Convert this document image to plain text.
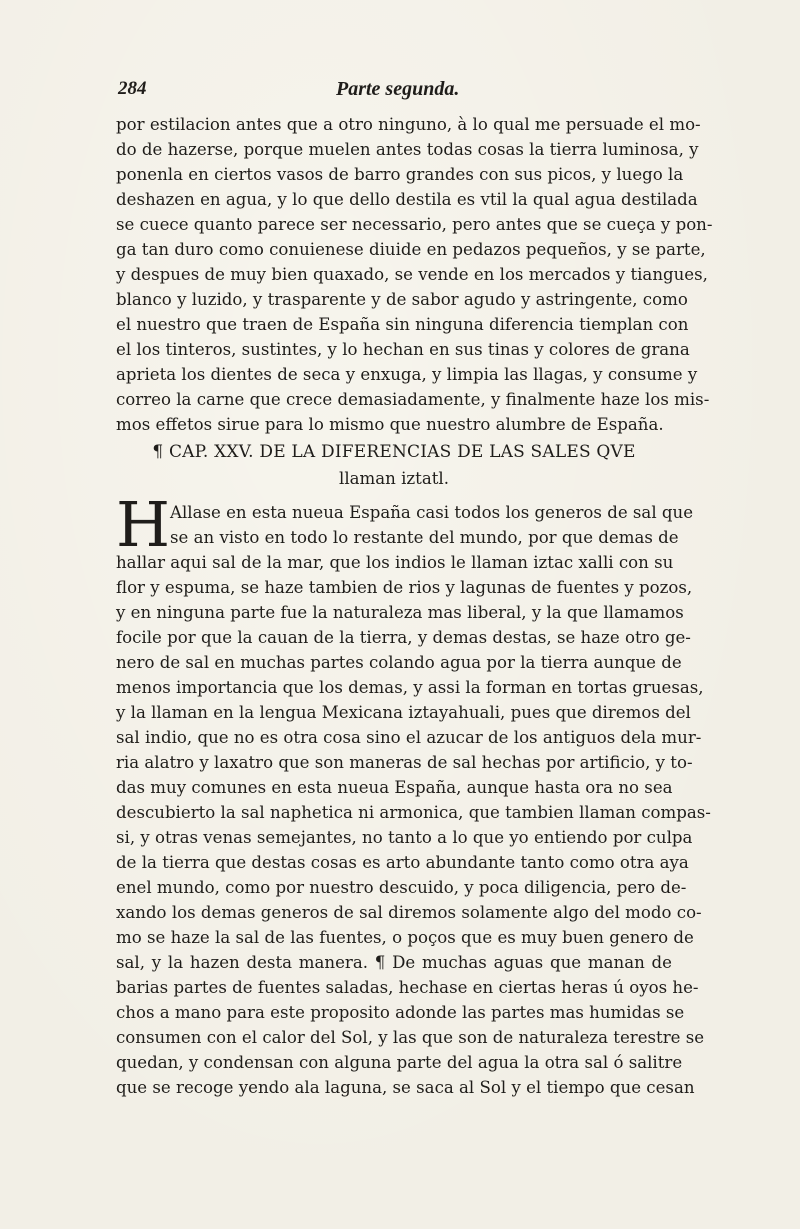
284	Parte segunda.
por estilacion antes que a otro ninguno, à lo qual me persuade el mo-
do de hazerse, porque muelen antes todas cosas la tierra luminosa, y
ponenla en ciertos vasos de barro grandes con sus picos, y luego la
deshazen en agua, y lo que dello destila es vtil la qual agua destilada
se cuece quanto parece ser necessario, pero antes que se cueça y pon-
ga tan duro como conuienese diuide en pedazos pequeños, y se parte,
y despues de muy bien quaxado, se vende en los mercados y tiangues,
blanco y luzido, y trasparente y de sabor agudo y astringente, como
el nuestro que traen de España sin ninguna diferencia tiemplan con
el los tinteros, sustintes, y lo hechan en sus tinas y colores de grana
aprieta los dientes de seca y enxuga, y limpia las llagas, y consume y
correo la carne que crece demasiadamente, y finalmente haze los mis-
mos effetos sirue para lo mismo que nuestro alumbre de España.
¶ CAP. XXV. DE LA DIFERENCIAS DE LAS SALES QVE
llaman iztatl.
H Allase en esta nueua España casi todos los generos de sal que
se an visto en todo lo restante del mundo, por que demas de
hallar aqui sal de la mar, que los indios le llaman iztac xalli con su
flor y espuma, se haze tambien de rios y lagunas de fuentes y pozos,
y en ninguna parte fue la naturaleza mas liberal, y la que llamamos
focile por que la cauan de la tierra, y demas destas, se haze otro ge-
nero de sal en muchas partes colando agua por la tierra aunque de
menos importancia que los demas, y assi la forman en tortas gruesas,
y la llaman en la lengua Mexicana iztayahuali, pues que diremos del
sal indio, que no es otra cosa sino el azucar de los antiguos dela mur-
ria alatro y laxatro que son maneras de sal hechas por artificio, y to-
das muy comunes en esta nueua España, aunque hasta ora no sea
descubierto la sal naphetica ni armonica, que tambien llaman compas-
si, y otras venas semejantes, no tanto a lo que yo entiendo por culpa
de la tierra que destas cosas es arto abundante tanto como otra aya
enel mundo, como por nuestro descuido, y poca diligencia, pero de-
xando los demas generos de sal diremos solamente algo del modo co-
mo se haze la sal de las fuentes, o poços que es muy buen genero de
sal, y la hazen desta manera. ¶ De muchas aguas que manan de
barias partes de fuentes saladas, hechase en ciertas heras ú oyos he-
chos a mano para este proposito adonde las partes mas humidas se
consumen con el calor del Sol, y las que son de naturaleza terestre se
quedan, y condensan con alguna parte del agua la otra sal ó salitre
que se recoge yendo ala laguna, se saca al Sol y el tiempo que cesan
